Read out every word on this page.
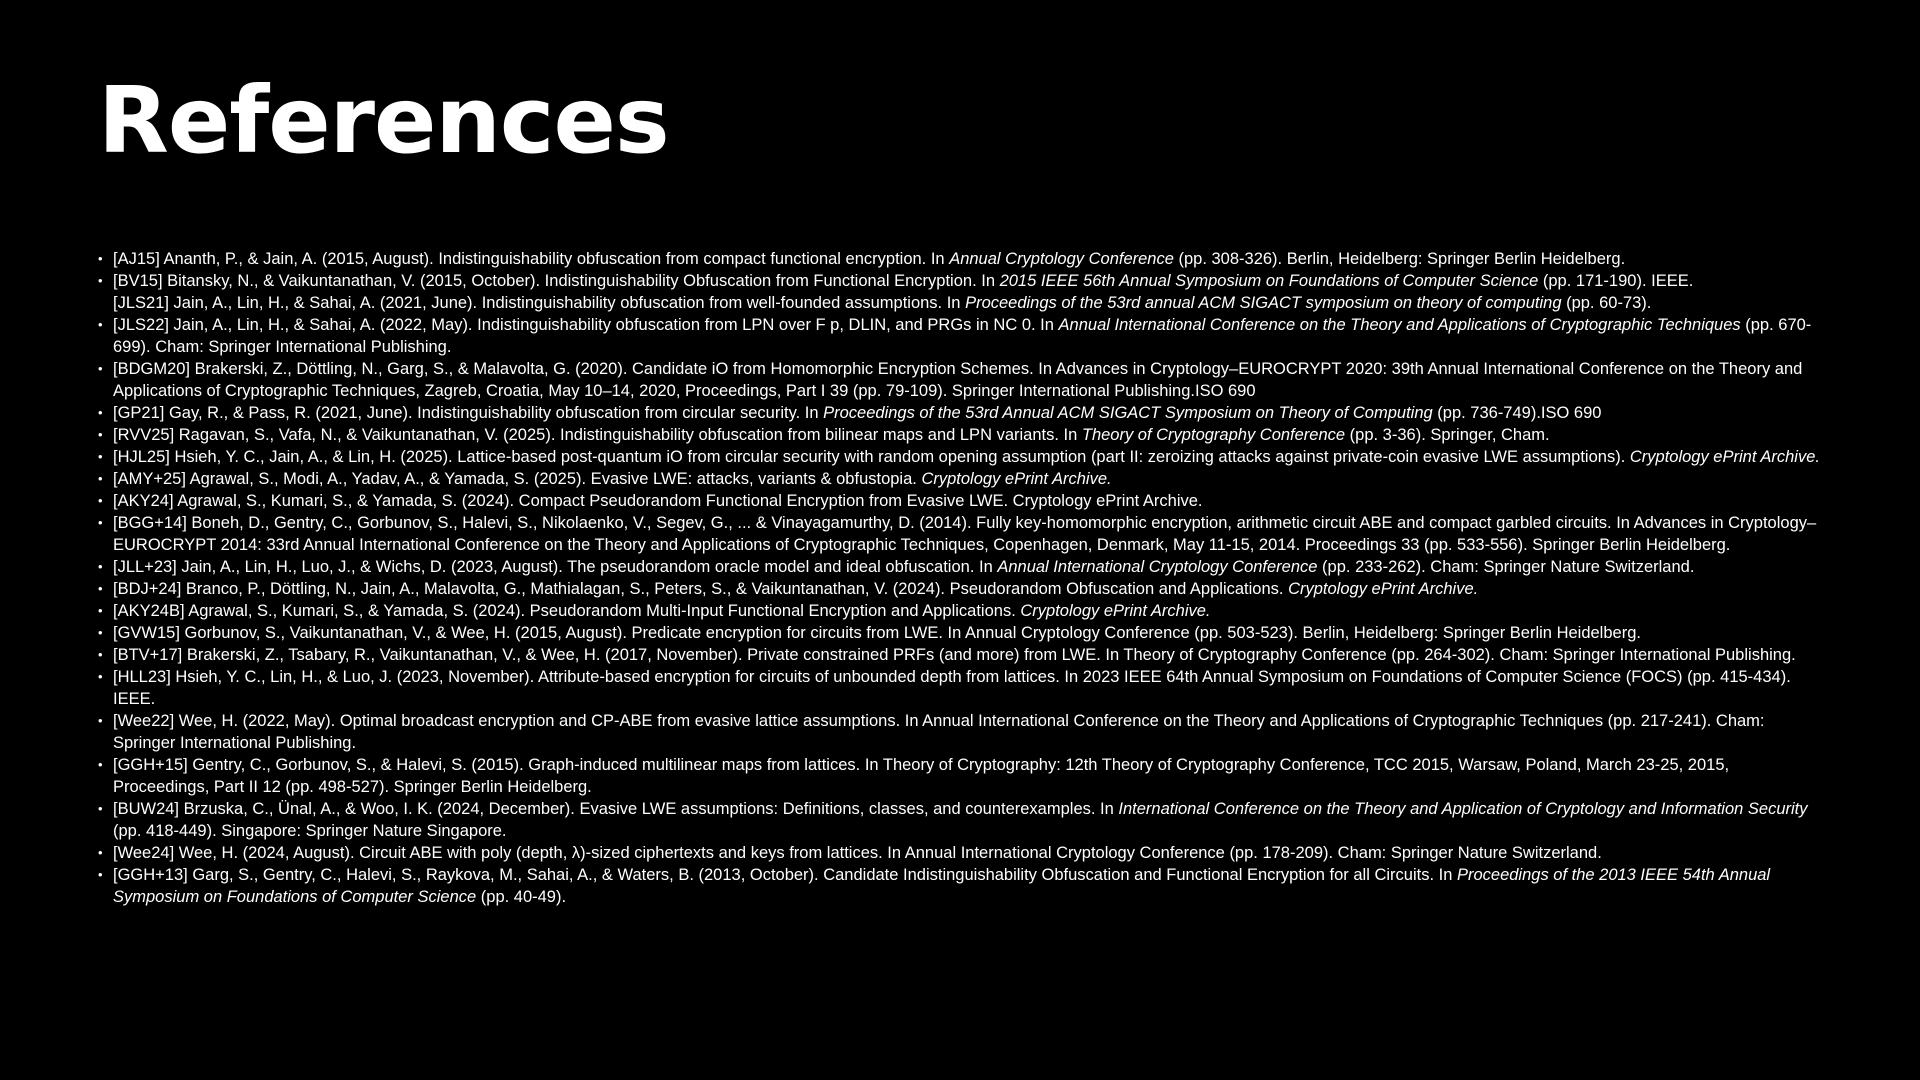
References
• [AJ15] Ananth, P., & Jain, A. (2015, August). Indistinguishability obfuscation from compact functional encryption. In Annual Cryptology Conference (pp. 308-326). Berlin, Heidelberg: Springer Berlin Heidelberg.
• [BV15] Bitansky, N., & Vaikuntanathan, V. (2015, October). Indistinguishability Obfuscation from Functional Encryption. In 2015 IEEE 56th Annual Symposium on Foundations of Computer Science (pp. 171-190). IEEE.
[JLS21] Jain, A., Lin, H., & Sahai, A. (2021, June). Indistinguishability obfuscation from well-founded assumptions. In Proceedings of the 53rd annual ACM SIGACT symposium on theory of computing (pp. 60-73).
• [JLS22] Jain, A., Lin, H., & Sahai, A. (2022, May). Indistinguishability obfuscation from LPN over F p, DLIN, and PRGs in NC 0. In Annual International Conference on the Theory and Applications of Cryptographic Techniques (pp. 670-699). Cham: Springer International Publishing.
• [BDGM20] Brakerski, Z., Döttling, N., Garg, S., & Malavolta, G. (2020). Candidate iO from Homomorphic Encryption Schemes. In Advances in Cryptology–EUROCRYPT 2020: 39th Annual International Conference on the Theory and Applications of Cryptographic Techniques, Zagreb, Croatia, May 10–14, 2020, Proceedings, Part I 39 (pp. 79-109). Springer International Publishing.ISO 690
• [GP21] Gay, R., & Pass, R. (2021, June). Indistinguishability obfuscation from circular security. In Proceedings of the 53rd Annual ACM SIGACT Symposium on Theory of Computing (pp. 736-749).ISO 690
• [RVV25] Ragavan, S., Vafa, N., & Vaikuntanathan, V. (2025). Indistinguishability obfuscation from bilinear maps and LPN variants. In Theory of Cryptography Conference (pp. 3-36). Springer, Cham.
• [HJL25] Hsieh, Y. C., Jain, A., & Lin, H. (2025). Lattice-based post-quantum iO from circular security with random opening assumption (part II: zeroizing attacks against private-coin evasive LWE assumptions). Cryptology ePrint Archive.
• [AMY+25] Agrawal, S., Modi, A., Yadav, A., & Yamada, S. (2025). Evasive LWE: attacks, variants & obfustopia. Cryptology ePrint Archive.
• [AKY24] Agrawal, S., Kumari, S., & Yamada, S. (2024). Compact Pseudorandom Functional Encryption from Evasive LWE. Cryptology ePrint Archive.
• [BGG+14] Boneh, D., Gentry, C., Gorbunov, S., Halevi, S., Nikolaenko, V., Segev, G., ... & Vinayagamurthy, D. (2014). Fully key-homomorphic encryption, arithmetic circuit ABE and compact garbled circuits. In Advances in Cryptology–EUROCRYPT 2014: 33rd Annual International Conference on the Theory and Applications of Cryptographic Techniques, Copenhagen, Denmark, May 11-15, 2014. Proceedings 33 (pp. 533-556). Springer Berlin Heidelberg.
• [JLL+23] Jain, A., Lin, H., Luo, J., & Wichs, D. (2023, August). The pseudorandom oracle model and ideal obfuscation. In Annual International Cryptology Conference (pp. 233-262). Cham: Springer Nature Switzerland.
• [BDJ+24] Branco, P., Döttling, N., Jain, A., Malavolta, G., Mathialagan, S., Peters, S., & Vaikuntanathan, V. (2024). Pseudorandom Obfuscation and Applications. Cryptology ePrint Archive.
• [AKY24B] Agrawal, S., Kumari, S., & Yamada, S. (2024). Pseudorandom Multi-Input Functional Encryption and Applications. Cryptology ePrint Archive.
• [GVW15] Gorbunov, S., Vaikuntanathan, V., & Wee, H. (2015, August). Predicate encryption for circuits from LWE. In Annual Cryptology Conference (pp. 503-523). Berlin, Heidelberg: Springer Berlin Heidelberg.
• [BTV+17] Brakerski, Z., Tsabary, R., Vaikuntanathan, V., & Wee, H. (2017, November). Private constrained PRFs (and more) from LWE. In Theory of Cryptography Conference (pp. 264-302). Cham: Springer International Publishing.
• [HLL23] Hsieh, Y. C., Lin, H., & Luo, J. (2023, November). Attribute-based encryption for circuits of unbounded depth from lattices. In 2023 IEEE 64th Annual Symposium on Foundations of Computer Science (FOCS) (pp. 415-434). IEEE.
• [Wee22] Wee, H. (2022, May). Optimal broadcast encryption and CP-ABE from evasive lattice assumptions. In Annual International Conference on the Theory and Applications of Cryptographic Techniques (pp. 217-241). Cham: Springer International Publishing.
• [GGH+15] Gentry, C., Gorbunov, S., & Halevi, S. (2015). Graph-induced multilinear maps from lattices. In Theory of Cryptography: 12th Theory of Cryptography Conference, TCC 2015, Warsaw, Poland, March 23-25, 2015, Proceedings, Part II 12 (pp. 498-527). Springer Berlin Heidelberg.
• [BUW24] Brzuska, C., Ünal, A., & Woo, I. K. (2024, December). Evasive LWE assumptions: Definitions, classes, and counterexamples. In International Conference on the Theory and Application of Cryptology and Information Security (pp. 418-449). Singapore: Springer Nature Singapore.
• [Wee24] Wee, H. (2024, August). Circuit ABE with poly (depth, λ)-sized ciphertexts and keys from lattices. In Annual International Cryptology Conference (pp. 178-209). Cham: Springer Nature Switzerland.
• [GGH+13] Garg, S., Gentry, C., Halevi, S., Raykova, M., Sahai, A., & Waters, B. (2013, October). Candidate Indistinguishability Obfuscation and Functional Encryption for all Circuits. In Proceedings of the 2013 IEEE 54th Annual Symposium on Foundations of Computer Science (pp. 40-49).
